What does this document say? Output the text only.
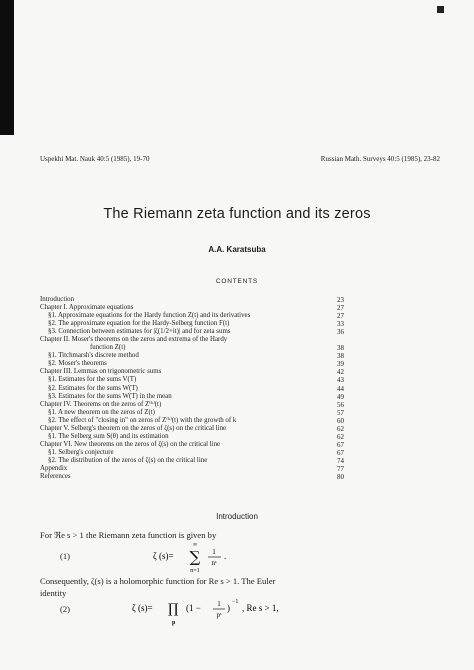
Uspekhi Mat. Nauk 40:5 (1985), 19-70	Russian Math. Surveys 40:5 (1985), 23-82
The Riemann zeta function and its zeros
A.A. Karatsuba
CONTENTS
Introduction	23
Chapter I. Approximate equations	27
§1. Approximate equations for the Hardy function Z(t) and its derivatives	27
§2. The approximate equation for the Hardy-Selberg function F(t)	33
§3. Connection between estimates for |ζ(1/2+it)| and for zeta sums	36
Chapter II. Moser's theorems on the zeros and extrema of the Hardy
function Z(t)	38
§1. Titchmarsh's discrete method	38
§2. Moser's theorems	39
Chapter III. Lemmas on trigonometric sums	42
§1. Estimates for the sums V(T)	43
§2. Estimates for the sums W(T)	44
§3. Estimates for the sums W(T) in the mean	49
Chapter IV. Theorems on the zeros of Z⁽ᵏ⁾(t)	56
§1. A new theorem on the zeros of Z(t)	57
§2. The effect of "closing in" on zeros of Z⁽ᵏ⁾(t) with the growth of k	60
Chapter V. Selberg's theorem on the zeros of ζ(s) on the critical line	62
§1. The Selberg sum S(θ) and its estimation	62
Chapter VI. New theorems on the zeros of ζ(s) on the critical line	67
§1. Selberg's conjecture	67
§2. The distribution of the zeros of ζ(s) on the critical line	74
Appendix	77
References	80
Introduction
For ℜe s > 1 the Riemann zeta function is given by
(1)	ζ (s)=
∞
∑
n=1
1
nˢ
.
Consequently, ζ(s) is a holomorphic function for Re s > 1. The Euler
identity
(2)	ζ (s)= ∏
p
(1 − 1
pˢ
)
−1
, Re s > 1,
